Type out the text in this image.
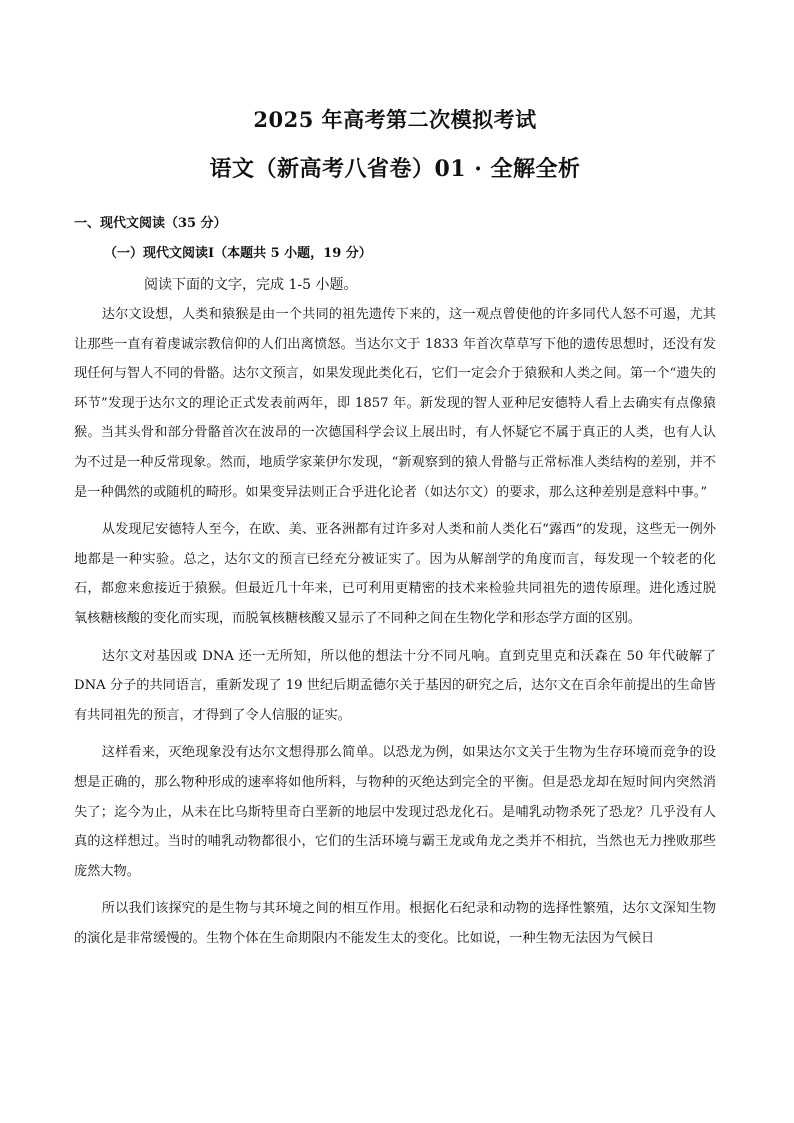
2025 年高考第二次模拟考试
语文（新高考八省卷）01 · 全解全析
一、现代文阅读（35 分）
（一）现代文阅读Ⅰ（本题共 5 小题，19 分）
阅读下面的文字，完成 1-5 小题。
达尔文设想，人类和猿猴是由一个共同的祖先遗传下来的，这一观点曾使他的许多同代人怒不可遏，尤其让那些一直有着虔诚宗教信仰的人们出离愤怒。当达尔文于 1833 年首次草草写下他的遗传思想时，还没有发现任何与智人不同的骨骼。达尔文预言，如果发现此类化石，它们一定会介于猿猴和人类之间。第一个“遗失的环节”发现于达尔文的理论正式发表前两年，即 1857 年。新发现的智人亚种尼安德特人看上去确实有点像猿猴。当其头骨和部分骨骼首次在波昂的一次德国科学会议上展出时，有人怀疑它不属于真正的人类，也有人认为不过是一种反常现象。然而，地质学家莱伊尔发现，“新观察到的猿人骨骼与正常标准人类结构的差别，并不是一种偶然的或随机的畸形。如果变异法则正合乎进化论者（如达尔文）的要求，那么这种差别是意料中事。”
从发现尼安德特人至今，在欧、美、亚各洲都有过许多对人类和前人类化石“露西”的发现，这些无一例外地都是一种实验。总之，达尔文的预言已经充分被证实了。因为从解剖学的角度而言，每发现一个较老的化石，都愈来愈接近于猿猴。但最近几十年来，已可利用更精密的技术来检验共同祖先的遗传原理。进化透过脱氧核糖核酸的变化而实现，而脱氧核糖核酸又显示了不同种之间在生物化学和形态学方面的区别。
达尔文对基因或 DNA 还一无所知，所以他的想法十分不同凡响。直到克里克和沃森在 50 年代破解了 DNA 分子的共同语言，重新发现了 19 世纪后期孟德尔关于基因的研究之后，达尔文在百余年前提出的生命皆有共同祖先的预言，才得到了令人信服的证实。
这样看来，灭绝现象没有达尔文想得那么简单。以恐龙为例，如果达尔文关于生物为生存环境而竞争的设想是正确的，那么物种形成的速率将如他所料，与物种的灭绝达到完全的平衡。但是恐龙却在短时间内突然消失了；迄今为止，从未在比乌斯特里奇白垩新的地层中发现过恐龙化石。是哺乳动物杀死了恐龙？几乎没有人真的这样想过。当时的哺乳动物都很小，它们的生活环境与霸王龙或角龙之类并不相抗，当然也无力挫败那些庞然大物。
所以我们该探究的是生物与其环境之间的相互作用。根据化石纪录和动物的选择性繁殖，达尔文深知生物的演化是非常缓慢的。生物个体在生命期限内不能发生太的变化。比如说，一种生物无法因为气候日
